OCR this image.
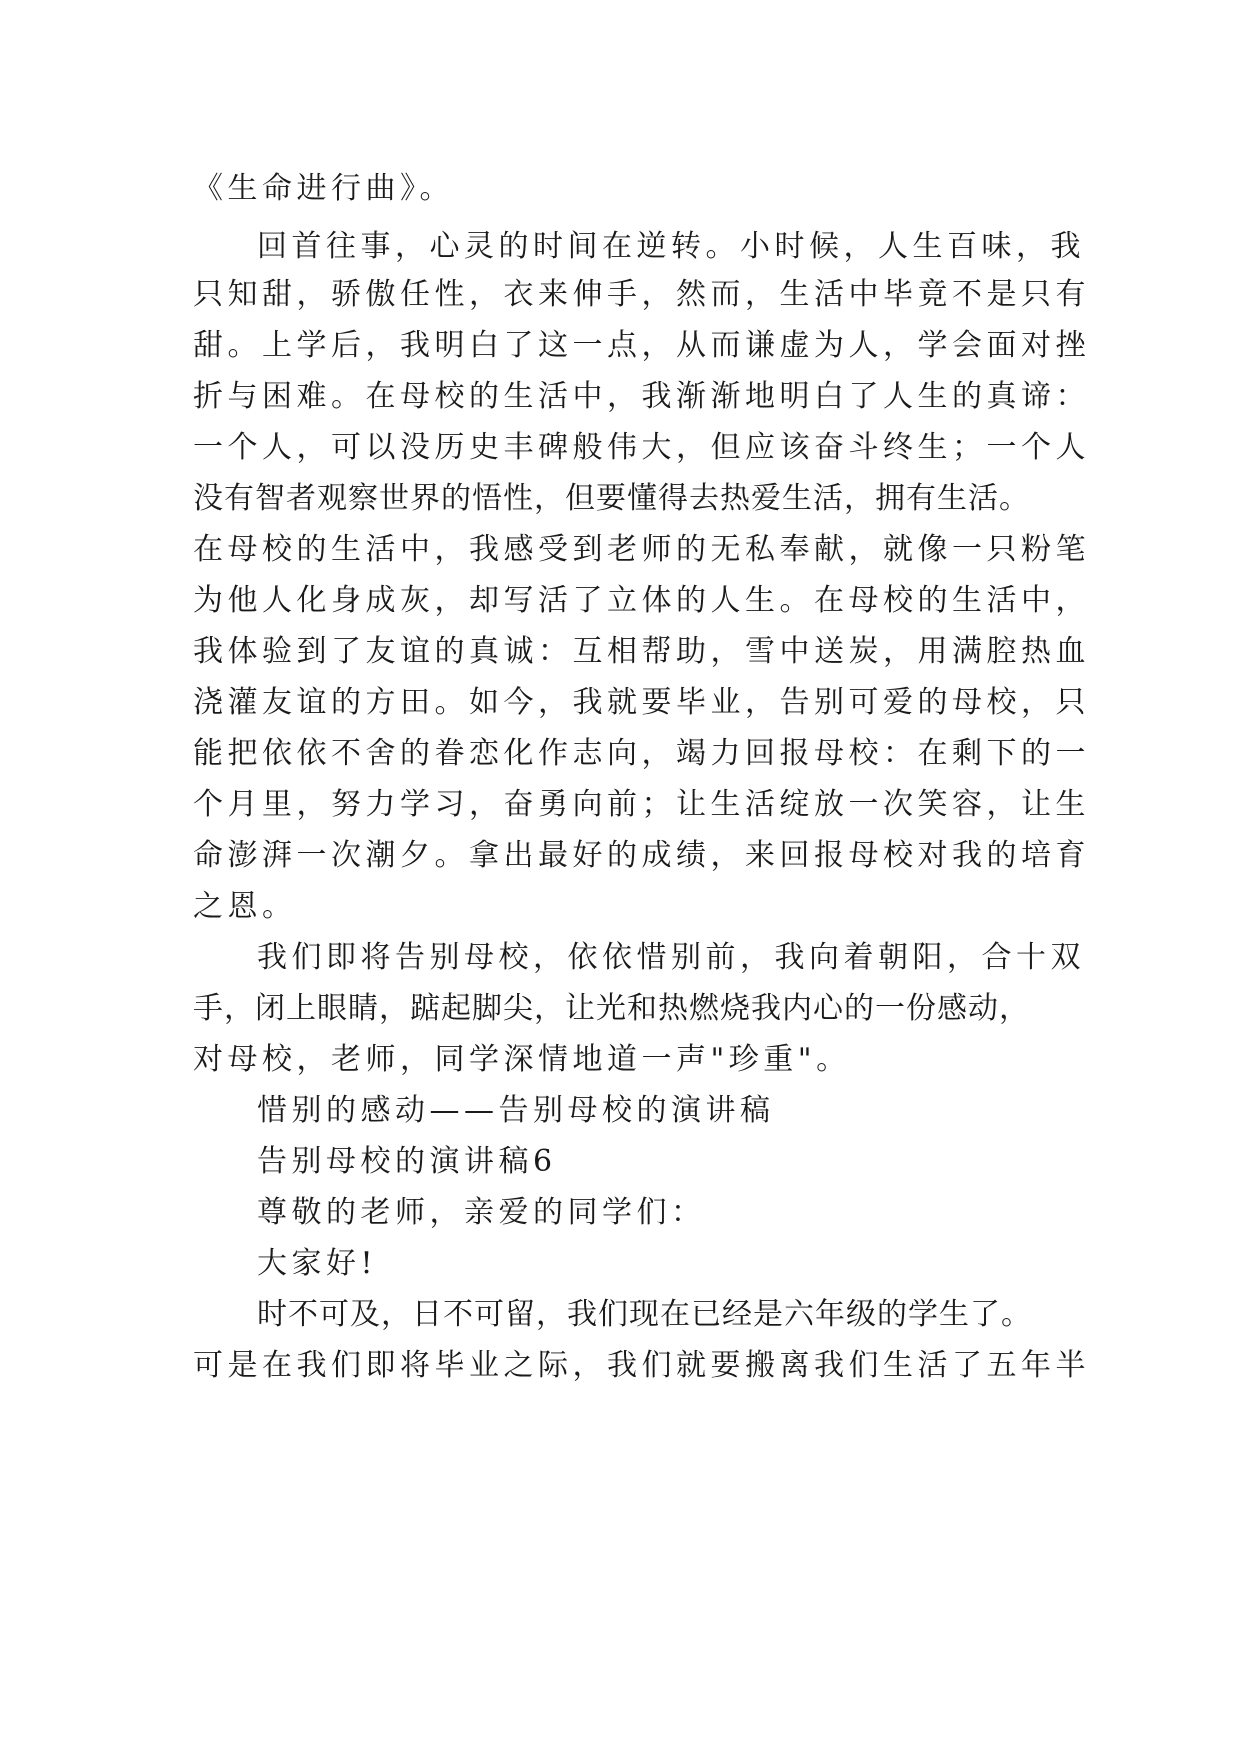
《生命进行曲》。
回首往事，心灵的时间在逆转。小时候，人生百味，我
只知甜，骄傲任性，衣来伸手，然而，生活中毕竟不是只有
甜。上学后，我明白了这一点，从而谦虚为人，学会面对挫
折与困难。在母校的生活中，我渐渐地明白了人生的真谛：
一个人，可以没历史丰碑般伟大，但应该奋斗终生；一个人
没有智者观察世界的悟性，但要懂得去热爱生活，拥有生活。
在母校的生活中，我感受到老师的无私奉献，就像一只粉笔
为他人化身成灰，却写活了立体的人生。在母校的生活中，
我体验到了友谊的真诚：互相帮助，雪中送炭，用满腔热血
浇灌友谊的方田。如今，我就要毕业，告别可爱的母校，只
能把依依不舍的眷恋化作志向，竭力回报母校：在剩下的一
个月里，努力学习，奋勇向前；让生活绽放一次笑容，让生
命澎湃一次潮夕。拿出最好的成绩，来回报母校对我的培育
之恩。
我们即将告别母校，依依惜别前，我向着朝阳，合十双
手，闭上眼睛，踮起脚尖，让光和热燃烧我内心的一份感动，
对母校，老师，同学深情地道一声"珍重"。
惜别的感动——告别母校的演讲稿
告别母校的演讲稿6
尊敬的老师，亲爱的同学们：
大家好!
时不可及，日不可留，我们现在已经是六年级的学生了。
可是在我们即将毕业之际，我们就要搬离我们生活了五年半
